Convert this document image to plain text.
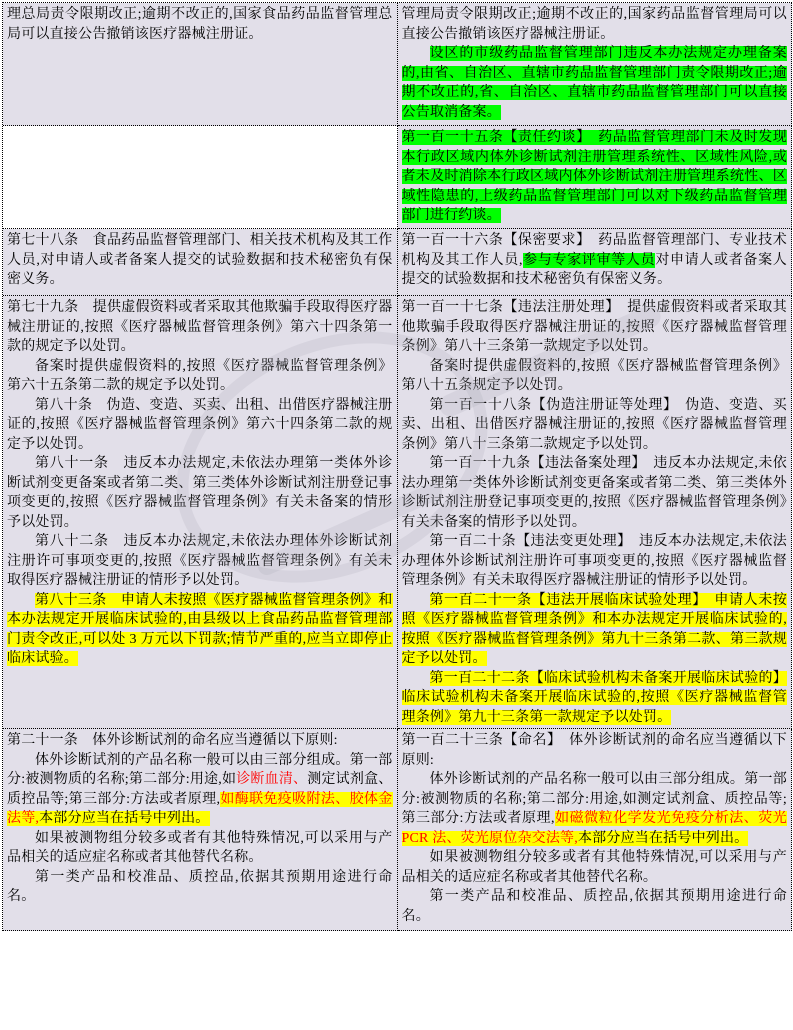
理总局责令限期改正;逾期不改正的,国家食品药品监督管理总局可以直接公告撤销该医疗器械注册证。
管理局责令限期改正;逾期不改正的,国家药品监督管理局可以直接公告撤销该医疗器械注册证。
设区的市级药品监督管理部门违反本办法规定办理备案的,由省、自治区、直辖市药品监督管理部门责令限期改正;逾期不改正的,省、自治区、直辖市药品监督管理部门可以直接公告取消备案。
第一百一十五条【责任约谈】　药品监督管理部门未及时发现本行政区域内体外诊断试剂注册管理系统性、区域性风险,或者未及时消除本行政区域内体外诊断试剂注册管理系统性、区域性隐患的,上级药品监督管理部门可以对下级药品监督管理部门进行约谈。
第七十八条　食品药品监督管理部门、相关技术机构及其工作人员,对申请人或者备案人提交的试验数据和技术秘密负有保密义务。
第一百一十六条【保密要求】　药品监督管理部门、专业技术机构及其工作人员,参与专家评审等人员对申请人或者备案人提交的试验数据和技术秘密负有保密义务。
第七十九条　提供虚假资料或者采取其他欺骗手段取得医疗器械注册证的,按照《医疗器械监督管理条例》第六十四条第一款的规定予以处罚。
备案时提供虚假资料的,按照《医疗器械监督管理条例》第六十五条第二款的规定予以处罚。
第八十条　伪造、变造、买卖、出租、出借医疗器械注册证的,按照《医疗器械监督管理条例》第六十四条第二款的规定予以处罚。
第八十一条　违反本办法规定,未依法办理第一类体外诊断试剂变更备案或者第二类、第三类体外诊断试剂注册登记事项变更的,按照《医疗器械监督管理条例》有关未备案的情形予以处罚。
第八十二条　违反本办法规定,未依法办理体外诊断试剂注册许可事项变更的,按照《医疗器械监督管理条例》有关未取得医疗器械注册证的情形予以处罚。
第八十三条　申请人未按照《医疗器械监督管理条例》和本办法规定开展临床试验的,由县级以上食品药品监督管理部门责令改正,可以处 3 万元以下罚款;情节严重的,应当立即停止临床试验。
第一百一十七条【违法注册处理】　提供虚假资料或者采取其他欺骗手段取得医疗器械注册证的,按照《医疗器械监督管理条例》第八十三条第一款规定予以处罚。
备案时提供虚假资料的,按照《医疗器械监督管理条例》第八十五条规定予以处罚。
第一百一十八条【伪造注册证等处理】　伪造、变造、买卖、出租、出借医疗器械注册证的,按照《医疗器械监督管理条例》第八十三条第二款规定予以处罚。
第一百一十九条【违法备案处理】　违反本办法规定,未依法办理第一类体外诊断试剂变更备案或者第二类、第三类体外诊断试剂注册登记事项变更的,按照《医疗器械监督管理条例》有关未备案的情形予以处罚。
第一百二十条【违法变更处理】　违反本办法规定,未依法办理体外诊断试剂注册许可事项变更的,按照《医疗器械监督管理条例》有关未取得医疗器械注册证的情形予以处罚。
第一百二十一条【违法开展临床试验处理】　申请人未按照《医疗器械监督管理条例》和本办法规定开展临床试验的,按照《医疗器械监督管理条例》第九十三条第二款、第三款规定予以处罚。
第一百二十二条【临床试验机构未备案开展临床试验的】临床试验机构未备案开展临床试验的,按照《医疗器械监督管理条例》第九十三条第一款规定予以处罚。
第二十一条　体外诊断试剂的命名应当遵循以下原则:
体外诊断试剂的产品名称一般可以由三部分组成。第一部分:被测物质的名称;第二部分:用途,如诊断血清、测定试剂盒、质控品等;第三部分:方法或者原理,如酶联免疫吸附法、胶体金法等,本部分应当在括号中列出。
如果被测物组分较多或者有其他特殊情况,可以采用与产品相关的适应症名称或者其他替代名称。
第一类产品和校准品、质控品,依据其预期用途进行命名。
第一百二十三条【命名】　体外诊断试剂的命名应当遵循以下原则:
体外诊断试剂的产品名称一般可以由三部分组成。第一部分:被测物质的名称;第二部分:用途,如测定试剂盒、质控品等;第三部分:方法或者原理,如磁微粒化学发光免疫分析法、荧光 PCR 法、荧光原位杂交法等,本部分应当在括号中列出。
如果被测物组分较多或者有其他特殊情况,可以采用与产品相关的适应症名称或者其他替代名称。
第一类产品和校准品、质控品,依据其预期用途进行命名。
